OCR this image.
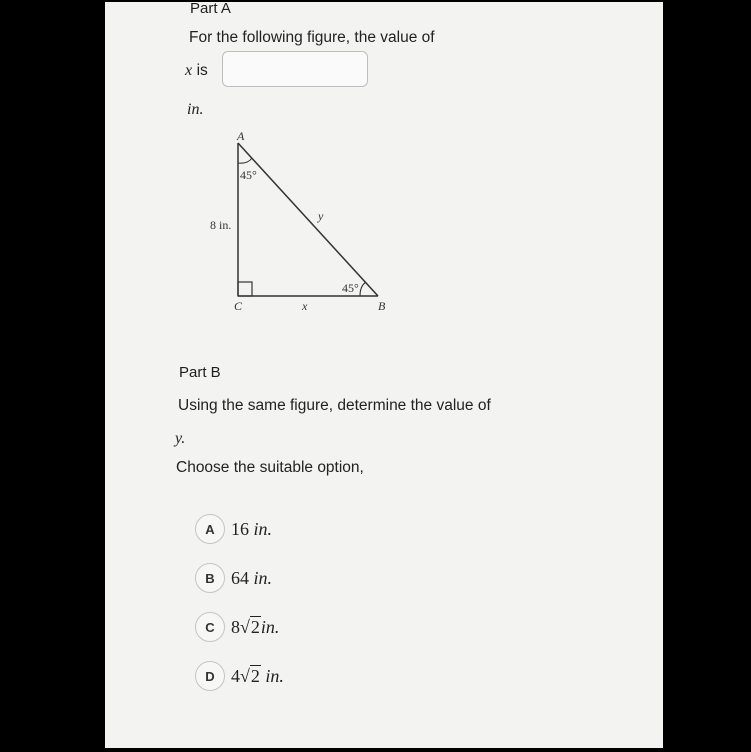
Part A
For the following figure, the value of
x is
in.
A
B
C
45°
45°
8 in.
x
y
Part B
Using the same figure, determine the value of
y.
Choose the suitable option,
A 16 in.
B 64 in.
C 8√2in.
D 4√2 in.
